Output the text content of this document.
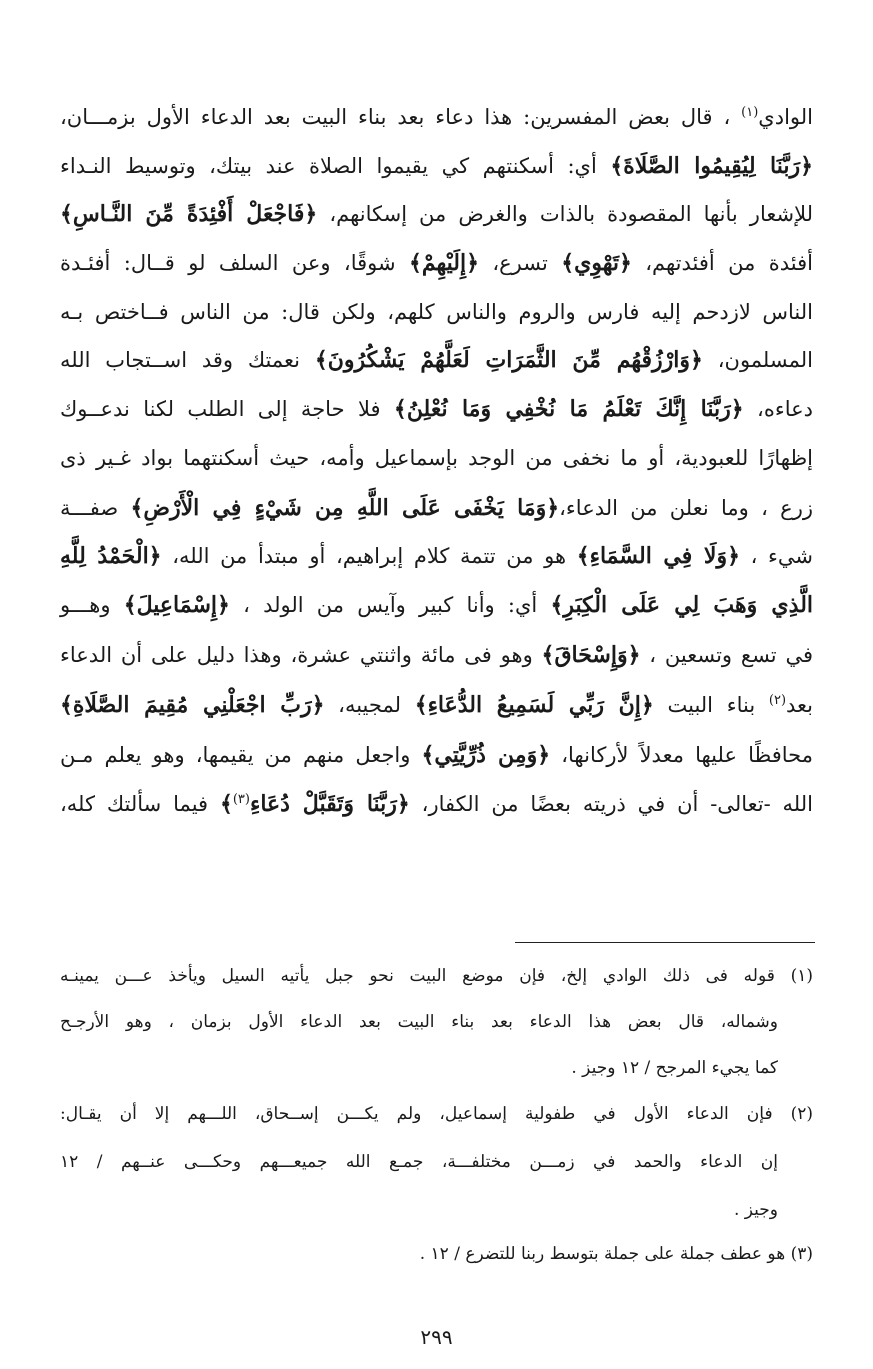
الوادي$^{(١)}$ ، قال بعض المفسرين: هذا دعاء بعد بناء البيت بعد الدعاء الأول بزمـــان،
﴿رَبَّنَا لِيُقِيمُوا الصَّلَاةَ﴾ أي: أسكنتهم كي يقيموا الصلاة عند بيتك، وتوسيط النـداء
للإشعار بأنها المقصودة بالذات والغرض من إسكانهم، ﴿فَاجْعَلْ أَفْئِدَةً مِّنَ النَّـاسِ﴾
أفئدة من أفئدتهم، ﴿تَهْوِي﴾ تسرع، ﴿إِلَيْهِمْ﴾ شوقًا، وعن السلف لو قــال: أفئـدة
الناس لازدحم إليه فارس والروم والناس كلهم، ولكن قال: من الناس فــاختص بـه
المسلمون، ﴿وَارْزُقْهُم مِّنَ الثَّمَرَاتِ لَعَلَّهُمْ يَشْكُرُونَ﴾ نعمتك وقد اســتجاب الله
دعاءه، ﴿رَبَّنَا إِنَّكَ تَعْلَمُ مَا نُخْفِي وَمَا نُعْلِنُ﴾ فلا حاجة إلى الطلب لكنا ندعــوك
إظهارًا للعبودية، أو ما نخفى من الوجد بإسماعيل وأمه، حيث أسكنتهما بواد غـير ذى
زرع ، وما نعلن من الدعاء،﴿وَمَا يَخْفَى عَلَى اللَّهِ مِن شَيْءٍ فِي الْأَرْضِ﴾ صفـــة
شيء ، ﴿وَلَا فِي السَّمَاءِ﴾ هو من تتمة كلام إبراهيم، أو مبتدأ من الله، ﴿الْحَمْدُ لِلَّهِ
الَّذِي وَهَبَ لِي عَلَى الْكِبَرِ﴾ أي: وأنا كبير وآيس من الولد ، ﴿إِسْمَاعِيلَ﴾ وهـــو
في تسع وتسعين ، ﴿وَإِسْحَاقَ﴾ وهو فى مائة واثنتي عشرة، وهذا دليل على أن الدعاء
بعد$^{(٢)}$ بناء البيت ﴿إِنَّ رَبِّي لَسَمِيعُ الدُّعَاءِ﴾ لمجيبه، ﴿رَبِّ اجْعَلْنِي مُقِيمَ الصَّلَاةِ﴾
محافظًا عليها معدلاً لأركانها، ﴿وَمِن ذُرِّيَّتِي﴾ واجعل منهم من يقيمها، وهو يعلم مـن
الله -تعالى- أن في ذريته بعضًا من الكفار، ﴿رَبَّنَا وَتَقَبَّلْ دُعَاءِ$^{(٣)}$﴾ فيما سألتك كله،
(١) قوله فى ذلك الوادي إلخ، فإن موضع البيت نحو جبل يأتيه السيل ويأخذ عـــن يمينـه
وشماله، قال بعض هذا الدعاء بعد بناء البيت بعد الدعاء الأول بزمان ، وهو الأرجـح
كما يجيء المرجح / ١٢ وجيز .
(٢) فإن الدعاء الأول في طفولية إسماعيل، ولم يكـــن إســحاق، اللـــهم إلا أن يقـال:
إن الدعاء والحمد في زمـــن مختلفـــة، جمـع الله جميعـــهم وحكـــى عنــهم / ١٢
وجيز .
(٣) هو عطف جملة على جملة بتوسط ربنا للتضرع / ١٢ .
٢٩٩
